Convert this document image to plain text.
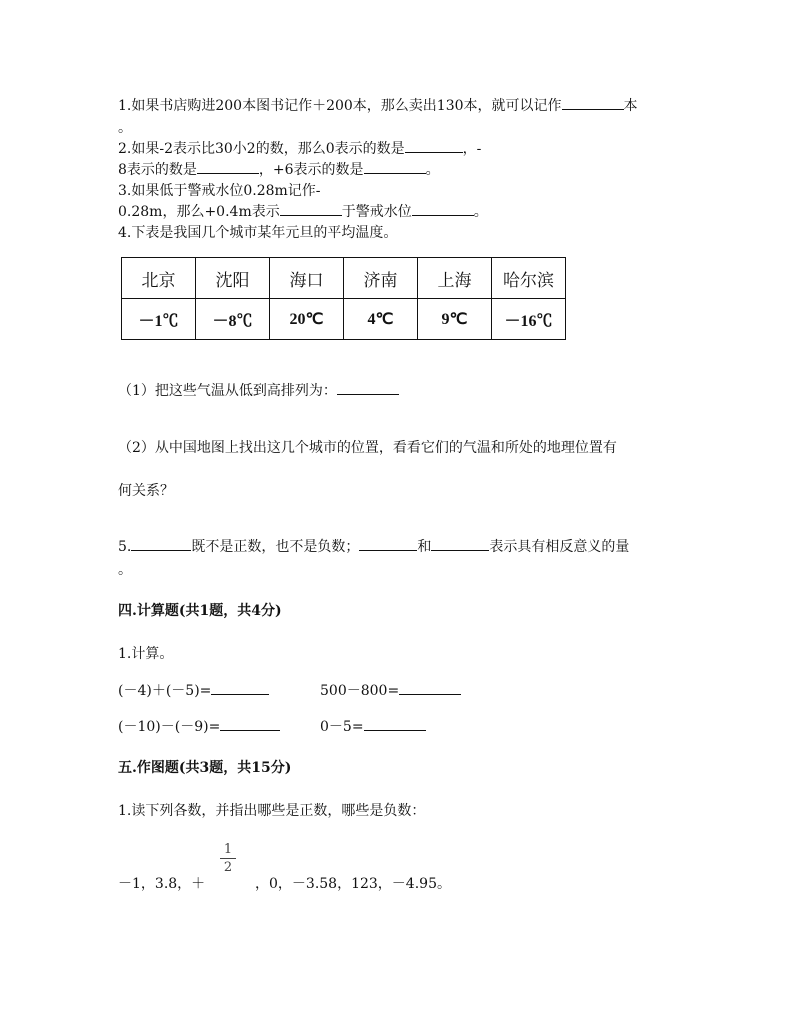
1.如果书店购进200本图书记作＋200本，那么卖出130本，就可以记作	本
。
2.如果-2表示比30小2的数，那么0表示的数是	，-
8表示的数是	，+6表示的数是	。
3.如果低于警戒水位0.28m记作-
0.28m，那么+0.4m表示	于警戒水位	。
4.下表是我国几个城市某年元旦的平均温度。
北京	沈阳	海口	济南	上海	哈尔滨
－1℃	－8℃	20℃	4℃	9℃	－16℃
（1）把这些气温从低到高排列为：
（2）从中国地图上找出这几个城市的位置，看看它们的气温和所处的地理位置有
何关系？
5.	既不是正数，也不是负数；	和	表示具有相反意义的量
。
四.计算题(共1题，共4分)
1.计算。
(－4)＋(－5)=	500－800=
(－10)－(－9)=	0－5=
五.作图题(共3题，共15分)
1.读下列各数，并指出哪些是正数，哪些是负数：
1
2
－1，3.8，＋	，0，－3.58，123，－4.95。
